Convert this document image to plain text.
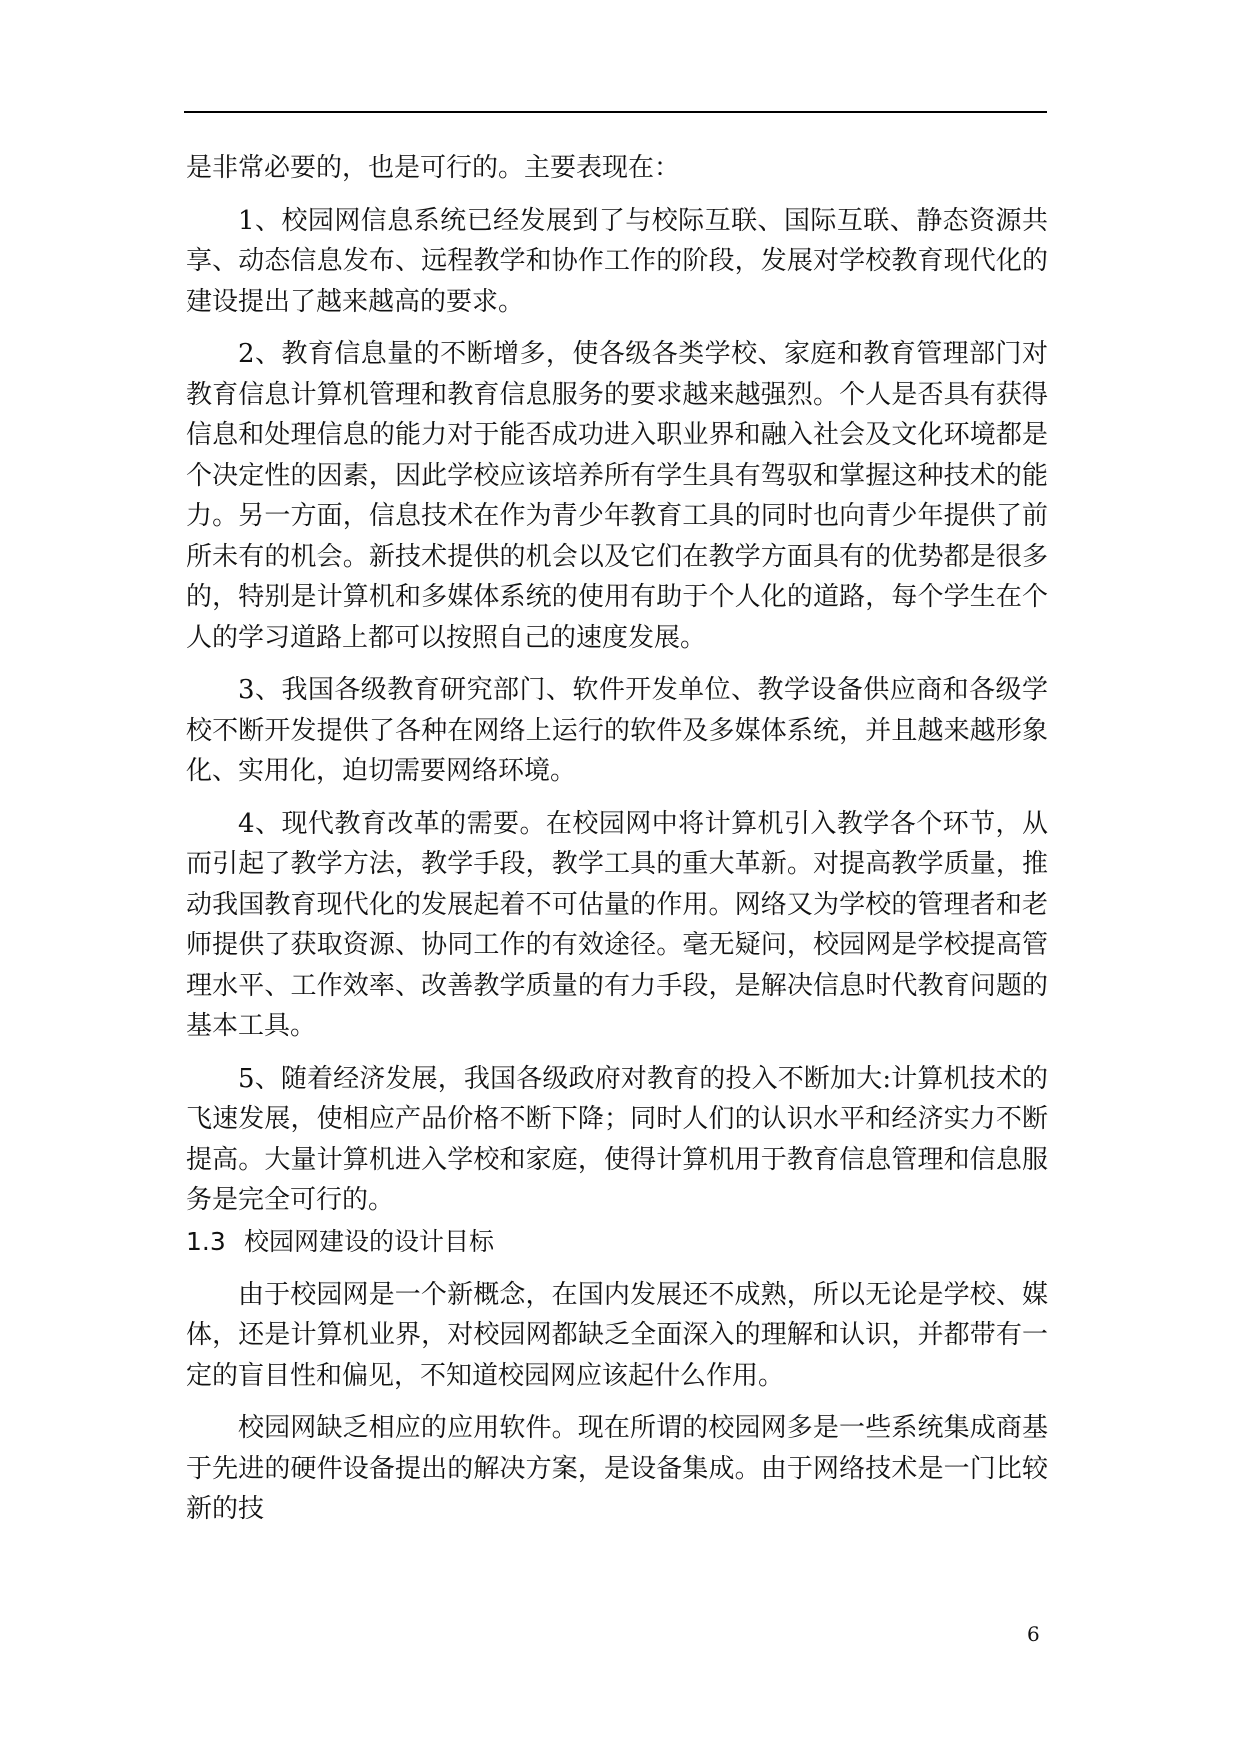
是非常必要的，也是可行的。主要表现在：

1、校园网信息系统已经发展到了与校际互联、国际互联、静态资源共享、动态信息发布、远程教学和协作工作的阶段，发展对学校教育现代化的建设提出了越来越高的要求。

2、教育信息量的不断增多，使各级各类学校、家庭和教育管理部门对教育信息计算机管理和教育信息服务的要求越来越强烈。个人是否具有获得信息和处理信息的能力对于能否成功进入职业界和融入社会及文化环境都是个决定性的因素，因此学校应该培养所有学生具有驾驭和掌握这种技术的能力。另一方面，信息技术在作为青少年教育工具的同时也向青少年提供了前所未有的机会。新技术提供的机会以及它们在教学方面具有的优势都是很多的，特别是计算机和多媒体系统的使用有助于个人化的道路，每个学生在个人的学习道路上都可以按照自己的速度发展。

3、我国各级教育研究部门、软件开发单位、教学设备供应商和各级学校不断开发提供了各种在网络上运行的软件及多媒体系统，并且越来越形象化、实用化，迫切需要网络环境。

4、现代教育改革的需要。在校园网中将计算机引入教学各个环节，从而引起了教学方法，教学手段，教学工具的重大革新。对提高教学质量，推动我国教育现代化的发展起着不可估量的作用。网络又为学校的管理者和老师提供了获取资源、协同工作的有效途径。毫无疑问，校园网是学校提高管理水平、工作效率、改善教学质量的有力手段，是解决信息时代教育问题的基本工具。

5、随着经济发展，我国各级政府对教育的投入不断加大:计算机技术的飞速发展，使相应产品价格不断下降；同时人们的认识水平和经济实力不断提高。大量计算机进入学校和家庭，使得计算机用于教育信息管理和信息服务是完全可行的。

1.3 校园网建设的设计目标

由于校园网是一个新概念，在国内发展还不成熟，所以无论是学校、媒体，还是计算机业界，对校园网都缺乏全面深入的理解和认识，并都带有一定的盲目性和偏见，不知道校园网应该起什么作用。

校园网缺乏相应的应用软件。现在所谓的校园网多是一些系统集成商基于先进的硬件设备提出的解决方案，是设备集成。由于网络技术是一门比较新的技

6
